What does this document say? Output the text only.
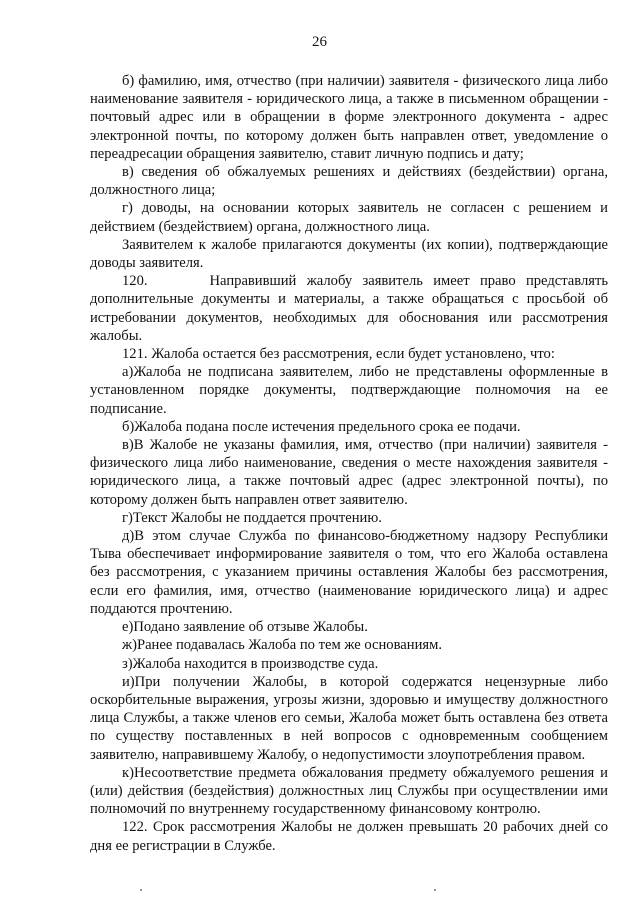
26

б) фамилию, имя, отчество (при наличии) заявителя - физического лица либо наименование заявителя - юридического лица, а также в письменном обращении - почтовый адрес или в обращении в форме электронного документа - адрес электронной почты, по которому должен быть направлен ответ, уведомление о переадресации обращения заявителю, ставит личную подпись и дату;

в) сведения об обжалуемых решениях и действиях (бездействии) органа, должностного лица;

г) доводы, на основании которых заявитель не согласен с решением и действием (бездействием) органа, должностного лица.

Заявителем к жалобе прилагаются документы (их копии), подтверждающие доводы заявителя.

120.      Направивший жалобу заявитель имеет право представлять дополнительные документы и материалы, а также обращаться с просьбой об истребовании документов, необходимых для обоснования или рассмотрения жалобы.

121. Жалоба остается без рассмотрения, если будет установлено, что:

а)Жалоба не подписана заявителем, либо не представлены оформленные в установленном порядке документы, подтверждающие полномочия на ее подписание.

б)Жалоба подана после истечения предельного срока ее подачи.

в)В Жалобе не указаны фамилия, имя, отчество (при наличии) заявителя - физического лица либо наименование, сведения о месте нахождения заявителя - юридического лица, а также почтовый адрес (адрес электронной почты), по которому должен быть направлен ответ заявителю.

г)Текст Жалобы не поддается прочтению.

д)В этом случае Служба по финансово-бюджетному надзору Республики Тыва обеспечивает информирование заявителя о том, что его Жалоба оставлена без рассмотрения, с указанием причины оставления Жалобы без рассмотрения, если его фамилия, имя, отчество (наименование юридического лица) и адрес поддаются прочтению.

е)Подано заявление об отзыве Жалобы.

ж)Ранее подавалась Жалоба по тем же основаниям.

з)Жалоба находится в производстве суда.

и)При получении Жалобы, в которой содержатся нецензурные либо оскорбительные выражения, угрозы жизни, здоровью и имуществу должностного лица Службы, а также членов его семьи, Жалоба может быть оставлена без ответа по существу поставленных в ней вопросов с одновременным сообщением заявителю, направившему Жалобу, о недопустимости злоупотребления правом.

к)Несоответствие предмета обжалования предмету обжалуемого решения и (или) действия (бездействия) должностных лиц Службы при осуществлении ими полномочий по внутреннему государственному финансовому контролю.

122. Срок рассмотрения Жалобы не должен превышать 20 рабочих дней со дня ее регистрации в Службе.
